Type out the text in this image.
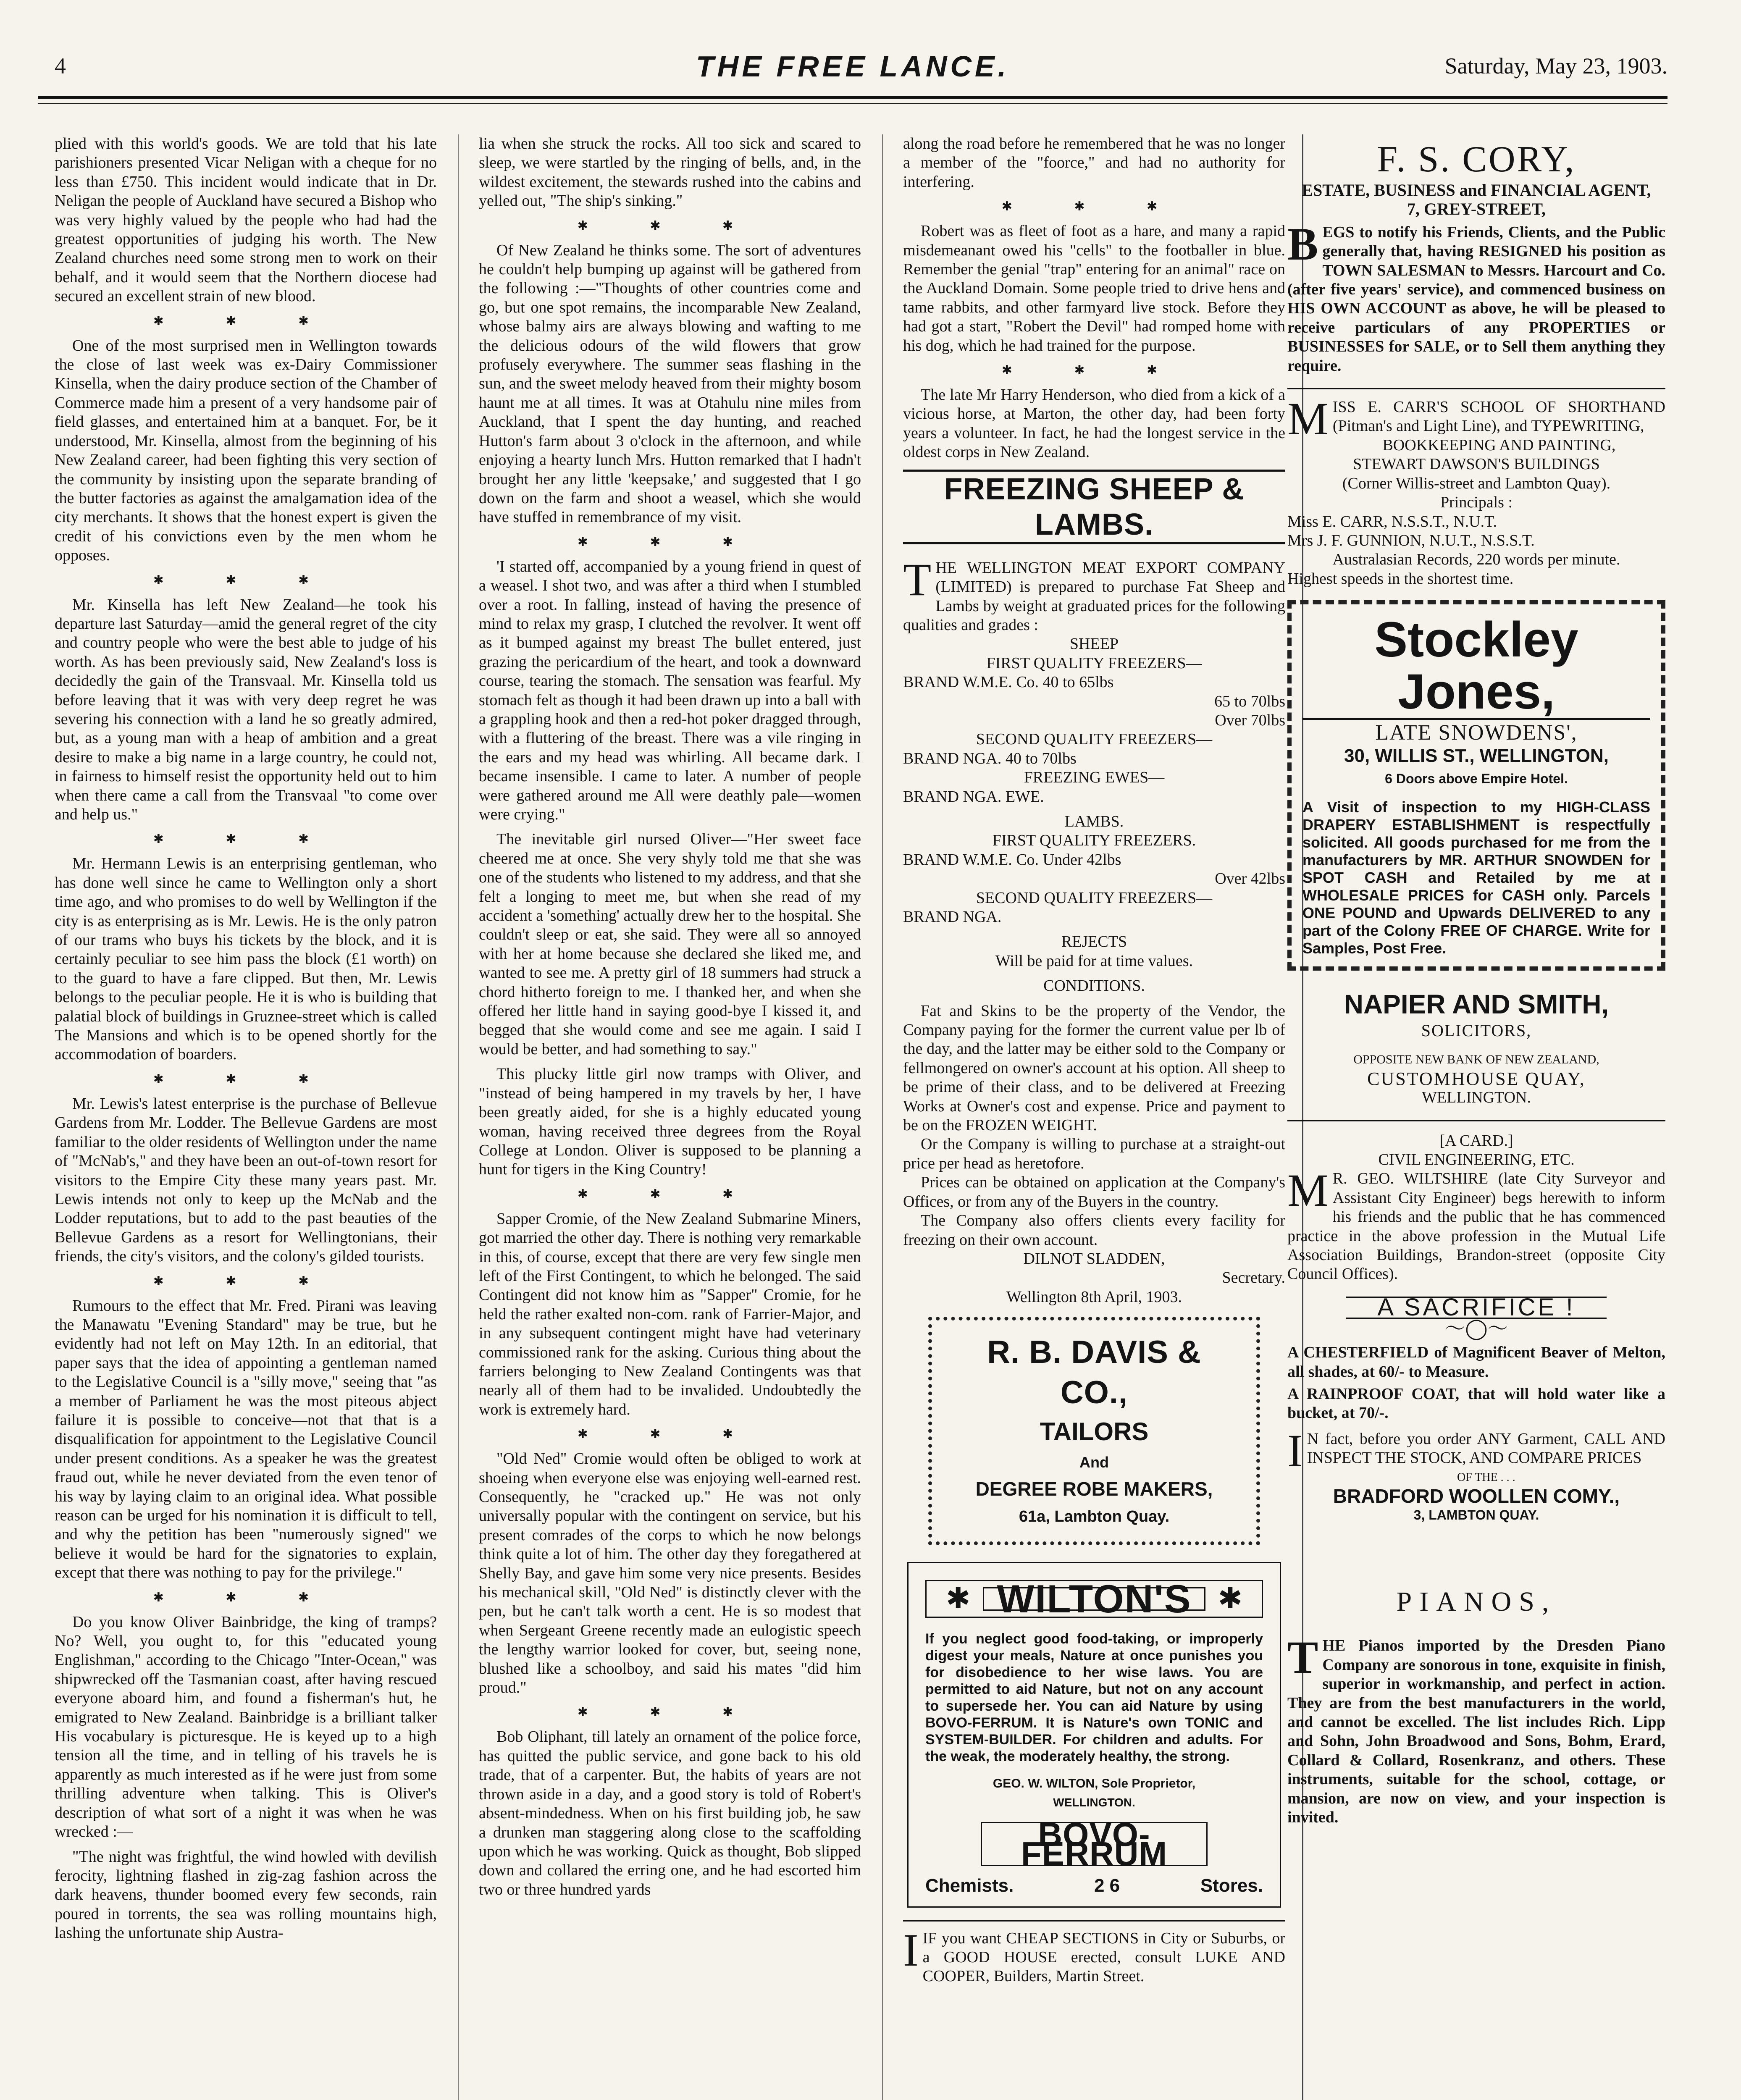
4	THE FREE LANCE.	Saturday, May 23, 1903.

plied with this world's goods. We are told that his late parishioners presented Vicar Neligan with a cheque for no less than £750. This incident would indicate that in Dr. Neligan the people of Auckland have secured a Bishop who was very highly valued by the people who had had the greatest opportunities of judging his worth. The New Zealand churches need some strong men to work on their behalf, and it would seem that the Northern diocese had secured an excellent strain of new blood.

✱ ✱ ✱

One of the most surprised men in Wellington towards the close of last week was ex-Dairy Commissioner Kinsella, when the dairy produce section of the Chamber of Commerce made him a present of a very handsome pair of field glasses, and entertained him at a banquet. For, be it understood, Mr. Kinsella, almost from the beginning of his New Zealand career, had been fighting this very section of the community by insisting upon the separate branding of the butter factories as against the amalgamation idea of the city merchants. It shows that the honest expert is given the credit of his convictions even by the men whom he opposes.

✱ ✱ ✱

Mr. Kinsella has left New Zealand—he took his departure last Saturday—amid the general regret of the city and country people who were the best able to judge of his worth. As has been previously said, New Zealand's loss is decidedly the gain of the Transvaal. Mr. Kinsella told us before leaving that it was with very deep regret he was severing his connection with a land he so greatly admired, but, as a young man with a heap of ambition and a great desire to make a big name in a large country, he could not, in fairness to himself resist the opportunity held out to him when there came a call from the Transvaal "to come over and help us."

✱ ✱ ✱

Mr. Hermann Lewis is an enterprising gentleman, who has done well since he came to Wellington only a short time ago, and who promises to do well by Wellington if the city is as enterprising as is Mr. Lewis. He is the only patron of our trams who buys his tickets by the block, and it is certainly peculiar to see him pass the block (£1 worth) on to the guard to have a fare clipped. But then, Mr. Lewis belongs to the peculiar people. He it is who is building that palatial block of buildings in Gruznee-street which is called The Mansions and which is to be opened shortly for the accommodation of boarders.

✱ ✱ ✱

Mr. Lewis's latest enterprise is the purchase of Bellevue Gardens from Mr. Lodder. The Bellevue Gardens are most familiar to the older residents of Wellington under the name of "McNab's," and they have been an out-of-town resort for visitors to the Empire City these many years past. Mr. Lewis intends not only to keep up the McNab and the Lodder reputations, but to add to the past beauties of the Bellevue Gardens as a resort for Wellingtonians, their friends, the city's visitors, and the colony's gilded tourists.

✱ ✱ ✱

Rumours to the effect that Mr. Fred. Pirani was leaving the Manawatu "Evening Standard" may be true, but he evidently had not left on May 12th. In an editorial, that paper says that the idea of appointing a gentleman named to the Legislative Council is a "silly move," seeing that "as a member of Parliament he was the most piteous abject failure it is possible to conceive—not that that is a disqualification for appointment to the Legislative Council under present conditions. As a speaker he was the greatest fraud out, while he never deviated from the even tenor of his way by laying claim to an original idea. What possible reason can be urged for his nomination it is difficult to tell, and why the petition has been "numerously signed" we believe it would be hard for the signatories to explain, except that there was nothing to pay for the privilege."

✱ ✱ ✱

Do you know Oliver Bainbridge, the king of tramps? No? Well, you ought to, for this "educated young Englishman," according to the Chicago "Inter-Ocean," was shipwrecked off the Tasmanian coast, after having rescued everyone aboard him, and found a fisherman's hut, he emigrated to New Zealand. Bainbridge is a brilliant talker His vocabulary is picturesque. He is keyed up to a high tension all the time, and in telling of his travels he is apparently as much interested as if he were just from some thrilling adventure when talking. This is Oliver's description of what sort of a night it was when he was wrecked :—

"The night was frightful, the wind howled with devilish ferocity, lightning flashed in zig-zag fashion across the dark heavens, thunder boomed every few seconds, rain poured in torrents, the sea was rolling mountains high, lashing the unfortunate ship Austra-

lia when she struck the rocks. All too sick and scared to sleep, we were startled by the ringing of bells, and, in the wildest excitement, the stewards rushed into the cabins and yelled out, "The ship's sinking."

✱ ✱ ✱

Of New Zealand he thinks some. The sort of adventures he couldn't help bumping up against will be gathered from the following :—"Thoughts of other countries come and go, but one spot remains, the incomparable New Zealand, whose balmy airs are always blowing and wafting to me the delicious odours of the wild flowers that grow profusely everywhere. The summer seas flashing in the sun, and the sweet melody heaved from their mighty bosom haunt me at all times. It was at Otahulu nine miles from Auckland, that I spent the day hunting, and reached Hutton's farm about 3 o'clock in the afternoon, and while enjoying a hearty lunch Mrs. Hutton remarked that I hadn't brought her any little 'keepsake,' and suggested that I go down on the farm and shoot a weasel, which she would have stuffed in remembrance of my visit.

✱ ✱ ✱

'I started off, accompanied by a young friend in quest of a weasel. I shot two, and was after a third when I stumbled over a root. In falling, instead of having the presence of mind to relax my grasp, I clutched the revolver. It went off as it bumped against my breast The bullet entered, just grazing the pericardium of the heart, and took a downward course, tearing the stomach. The sensation was fearful. My stomach felt as though it had been drawn up into a ball with a grappling hook and then a red-hot poker dragged through, with a fluttering of the breast. There was a vile ringing in the ears and my head was whirling. All became dark. I became insensible. I came to later. A number of people were gathered around me All were deathly pale—women were crying."

The inevitable girl nursed Oliver—"Her sweet face cheered me at once. She very shyly told me that she was one of the students who listened to my address, and that she felt a longing to meet me, but when she read of my accident a 'something' actually drew her to the hospital. She couldn't sleep or eat, she said. They were all so annoyed with her at home because she declared she liked me, and wanted to see me. A pretty girl of 18 summers had struck a chord hitherto foreign to me. I thanked her, and when she offered her little hand in saying good-bye I kissed it, and begged that she would come and see me again. I said I would be better, and had something to say."

This plucky little girl now tramps with Oliver, and "instead of being hampered in my travels by her, I have been greatly aided, for she is a highly educated young woman, having received three degrees from the Royal College at London. Oliver is supposed to be planning a hunt for tigers in the King Country!

✱ ✱ ✱

Sapper Cromie, of the New Zealand Submarine Miners, got married the other day. There is nothing very remarkable in this, of course, except that there are very few single men left of the First Contingent, to which he belonged. The said Contingent did not know him as "Sapper" Cromie, for he held the rather exalted non-com. rank of Farrier-Major, and in any subsequent contingent might have had veterinary commissioned rank for the asking. Curious thing about the farriers belonging to New Zealand Contingents was that nearly all of them had to be invalided. Undoubtedly the work is extremely hard.

✱ ✱ ✱

"Old Ned" Cromie would often be obliged to work at shoeing when everyone else was enjoying well-earned rest. Consequently, he "cracked up." He was not only universally popular with the contingent on service, but his present comrades of the corps to which he now belongs think quite a lot of him. The other day they foregathered at Shelly Bay, and gave him some very nice presents. Besides his mechanical skill, "Old Ned" is distinctly clever with the pen, but he can't talk worth a cent. He is so modest that when Sergeant Greene recently made an eulogistic speech the lengthy warrior looked for cover, but, seeing none, blushed like a schoolboy, and said his mates "did him proud."

✱ ✱ ✱

Bob Oliphant, till lately an ornament of the police force, has quitted the public service, and gone back to his old trade, that of a carpenter. But, the habits of years are not thrown aside in a day, and a good story is told of Robert's absent-mindedness. When on his first building job, he saw a drunken man staggering along close to the scaffolding upon which he was working. Quick as thought, Bob slipped down and collared the erring one, and he had escorted him two or three hundred yards

along the road before he remembered that he was no longer a member of the "foorce," and had no authority for interfering.

✱ ✱ ✱

Robert was as fleet of foot as a hare, and many a rapid misdemeanant owed his "cells" to the footballer in blue. Remember the genial "trap" entering for an animal" race on the Auckland Domain. Some people tried to drive hens and tame rabbits, and other farmyard live stock. Before they had got a start, "Robert the Devil" had romped home with his dog, which he had trained for the purpose.

✱ ✱ ✱

The late Mr Harry Henderson, who died from a kick of a vicious horse, at Marton, the other day, had been forty years a volunteer. In fact, he had the longest service in the oldest corps in New Zealand.

FREEZING SHEEP & LAMBS.

THE WELLINGTON MEAT EXPORT COMPANY (LIMITED) is prepared to purchase Fat Sheep and Lambs by weight at graduated prices for the following qualities and grades :

SHEEP

FIRST QUALITY FREEZERS—

BRAND W.M.E. Co. 40 to 65lbs

65 to 70lbs

Over 70lbs

SECOND QUALITY FREEZERS—

BRAND NGA. 40 to 70lbs

FREEZING EWES—

BRAND NGA. EWE.

LAMBS.

FIRST QUALITY FREEZERS.

BRAND W.M.E. Co. Under 42lbs

Over 42lbs

SECOND QUALITY FREEZERS—

BRAND NGA.

REJECTS

Will be paid for at time values.

CONDITIONS.

Fat and Skins to be the property of the Vendor, the Company paying for the former the current value per lb of the day, and the latter may be either sold to the Company or fellmongered on owner's account at his option. All sheep to be prime of their class, and to be delivered at Freezing Works at Owner's cost and expense. Price and payment to be on the FROZEN WEIGHT.

Or the Company is willing to purchase at a straight-out price per head as heretofore.

Prices can be obtained on application at the Company's Offices, or from any of the Buyers in the country.

The Company also offers clients every facility for freezing on their own account.

DILNOT SLADDEN,

Secretary.

Wellington 8th April, 1903.

R. B. DAVIS & CO.,
TAILORS
And
DEGREE ROBE MAKERS,
61a, Lambton Quay.
✱ WILTON'S ✱
If you neglect good food-taking, or improperly digest your meals, Nature at once punishes you for disobedience to her wise laws. You are permitted to aid Nature, but not on any account to supersede her. You can aid Nature by using BOVO-FERRUM. It is Nature's own TONIC and SYSTEM-BUILDER. For children and adults. For the weak, the moderately healthy, the strong.
GEO. W. WILTON, Sole Proprietor,
WELLINGTON.
BOVO-FERRUM
Chemists.	2 6	Stores.

IIF you want CHEAP SECTIONS in City or Suburbs, or a GOOD HOUSE erected, consult LUKE AND COOPER, Builders, Martin Street.

F. S. CORY,
ESTATE, BUSINESS and FINANCIAL AGENT,
7, GREY-STREET,

BEGS to notify his Friends, Clients, and the Public generally that, having RESIGNED his position as TOWN SALESMAN to Messrs. Harcourt and Co. (after five years' service), and commenced business on HIS OWN ACCOUNT as above, he will be pleased to receive particulars of any PROPERTIES or BUSINESSES for SALE, or to Sell them anything they require.

MISS E. CARR'S SCHOOL OF SHORTHAND (Pitman's and Light Line), and TYPEWRITING,

BOOKKEEPING AND PAINTING,

STEWART DAWSON'S BUILDINGS

(Corner Willis-street and Lambton Quay).

Principals :

Miss E. CARR, N.S.S.T., N.U.T.

Mrs J. F. GUNNION, N.U.T., N.S.S.T.

Australasian Records, 220 words per minute.

Highest speeds in the shortest time.

Stockley Jones,
LATE SNOWDENS',
30, WILLIS ST., WELLINGTON,
6 Doors above Empire Hotel.
A Visit of inspection to my HIGH-CLASS DRAPERY ESTABLISHMENT is respectfully solicited. All goods purchased for me from the manufacturers by MR. ARTHUR SNOWDEN for SPOT CASH and Retailed by me at WHOLESALE PRICES for CASH only. Parcels ONE POUND and Upwards DELIVERED to any part of the Colony FREE OF CHARGE. Write for Samples, Post Free.
NAPIER AND SMITH,
SOLICITORS,
OPPOSITE NEW BANK OF NEW ZEALAND,
CUSTOMHOUSE QUAY,
WELLINGTON.

[A CARD.]

CIVIL ENGINEERING, ETC.

M R. GEO. WILTSHIRE (late City Surveyor and Assistant City Engineer) begs herewith to inform his friends and the public that he has commenced practice in the above profession in the Mutual Life Association Buildings, Brandon-street (opposite City Council Offices).

A SACRIFICE !
〜◯〜

A CHESTERFIELD of Magnificent Beaver of Melton, all shades, at 60/- to Measure.

A RAINPROOF COAT, that will hold water like a bucket, at 70/-.

I N fact, before you order ANY Garment, CALL AND INSPECT THE STOCK, AND COMPARE PRICES

OF THE . . .

BRADFORD WOOLLEN COMY.,

3, LAMBTON QUAY.

PIANOS,

THE Pianos imported by the Dresden Piano Company are sonorous in tone, exquisite in finish, superior in workmanship, and perfect in action. They are from the best manufacturers in the world, and cannot be excelled. The list includes Rich. Lipp and Sohn, John Broadwood and Sons, Bohm, Erard, Collard & Collard, Rosenkranz, and others. These instruments, suitable for the school, cottage, or mansion, are now on view, and your inspection is invited.
